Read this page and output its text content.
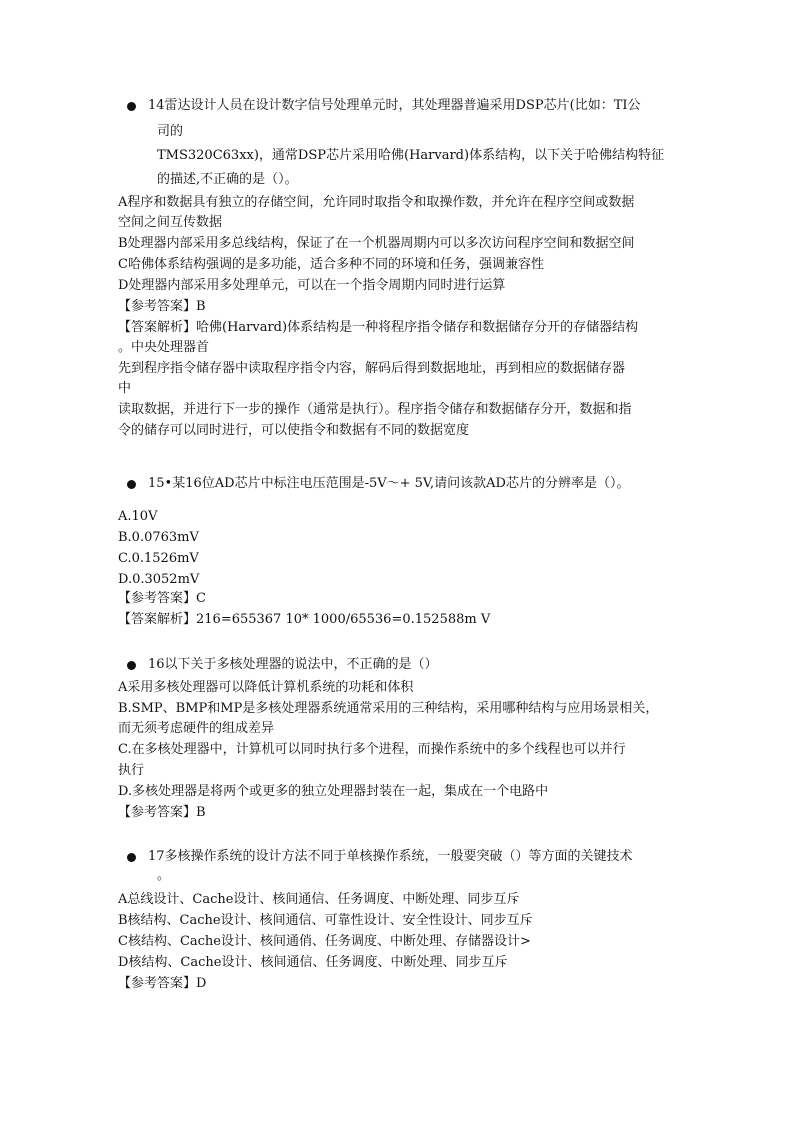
14雷达设计人员在设计数字信号处理单元时，其处理器普遍采用DSP芯片(比如：TI公
司的
TMS320C63xx)，通常DSP芯片采用哈佛(Harvard)体系结构，以下关于哈佛结构特征
的描述,不正确的是（）。
A程序和数据具有独立的存储空间，允许同时取指令和取操作数，并允许在程序空间或数据
空间之间互传数据
B处理器内部采用多总线结构，保证了在一个机器周期内可以多次访问程序空间和数据空间
C哈佛体系结构强调的是多功能，适合多种不同的环境和任务，强调兼容性
D处理器内部采用多处理单元，可以在一个指令周期内同时进行运算
【参考答案】B
【答案解析】哈佛(Harvard)体系结构是一种将程序指令储存和数据储存分开的存储器结构
。中央处理器首
先到程序指令储存器中读取程序指令内容，解码后得到数据地址，再到相应的数据储存器
中
读取数据，并进行下一步的操作（通常是执行）。程序指令储存和数据储存分开，数据和指
令的储存可以同时进行，可以使指令和数据有不同的数据宽度
15•某16位AD芯片中标注电压范围是-5V〜+ 5V,请问该款AD芯片的分辨率是（）。
A.10V
B.0.0763mV
C.0.1526mV
D.0.3052mV
【参考答案】C
【答案解析】216=655367 10* 1000/65536=0.152588m V
16以下关于多核处理器的说法中，不正确的是（）
A采用多核处理器可以降低计算机系统的功耗和体积
B.SMP、BMP和MP是多核处理器系统通常采用的三种结构，采用哪种结构与应用场景相关，
而无须考虑硬件的组成差异
C.在多核处理器中，计算机可以同时执行多个进程，而操作系统中的多个线程也可以并行
执行
D.多核处理器是将两个或更多的独立处理器封装在一起，集成在一个电路中
【参考答案】B
17多核操作系统的设计方法不同于单核操作系统，一般要突破（）等方面的关键技术
。
A总线设计、Cache设计、核间通信、任务调度、中断处理、同步互斥
B核结构、Cache设计、核间通信、可靠性设计、安全性设计、同步互斥
C核结构、Cache设计、核间通俏、任务调度、中断处理、存储器设计>
D核结构、Cache设计、核间通信、任务调度、中断处理、同步互斥
【参考答案】D
